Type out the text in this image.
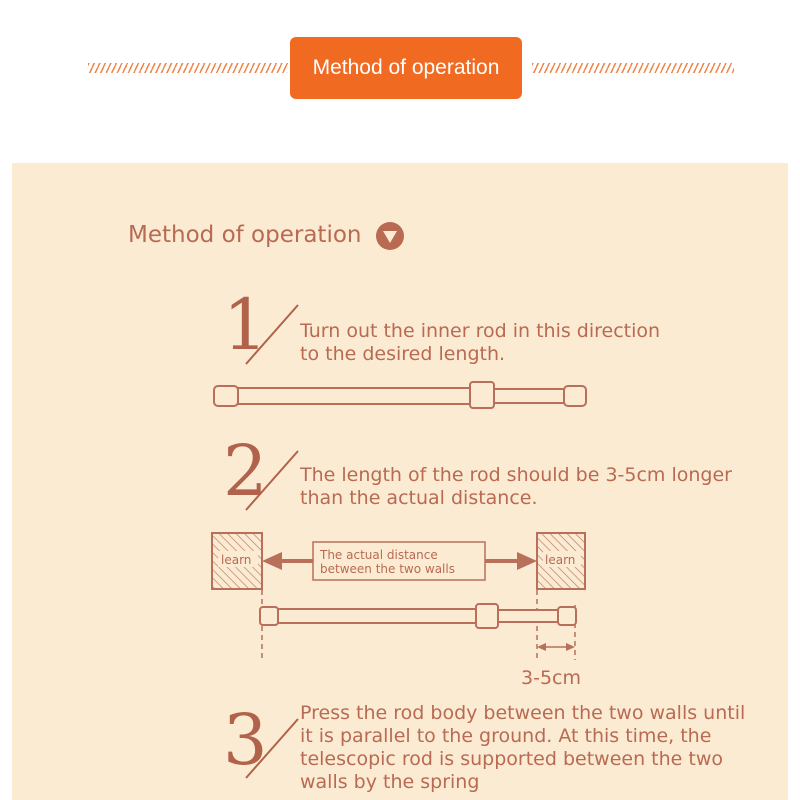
Method of operation
Method of operation
1 Turn out the inner rod in this direction
to the desired length.
2 The length of the rod should be 3-5cm longer
than the actual distance.
3 Press the rod body between the two walls until
it is parallel to the ground. At this time, the
telescopic rod is supported between the two
walls by the spring
learn	learn
The actual distance
between the two walls
3-5cm
